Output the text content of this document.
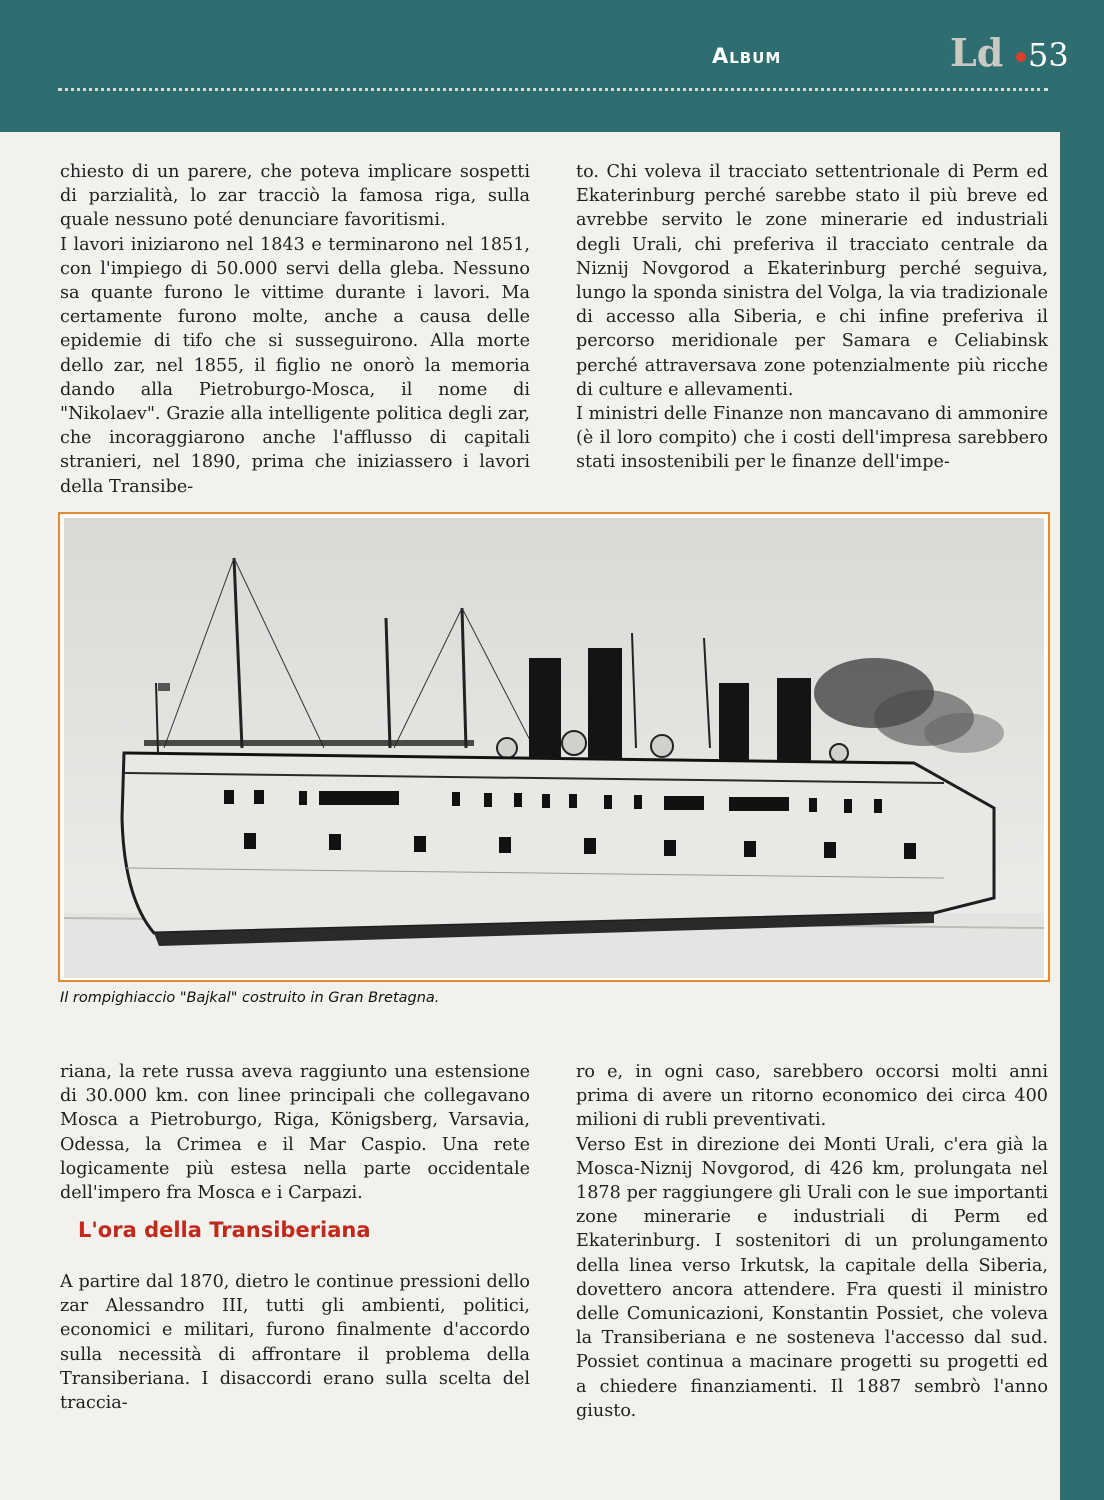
Album	Ld 53

chiesto di un parere, che poteva implicare sospetti di parzialità, lo zar tracciò la famosa riga, sulla quale nessuno poté denunciare favoritismi.

I lavori iniziarono nel 1843 e terminarono nel 1851, con l'impiego di 50.000 servi della gleba. Nessuno sa quante furono le vittime durante i lavori. Ma certamente furono molte, anche a causa delle epidemie di tifo che si susseguirono. Alla morte dello zar, nel 1855, il figlio ne onorò la memoria dando alla Pietroburgo-Mosca, il nome di "Nikolaev". Grazie alla intelligente politica degli zar, che incoraggiarono anche l'afflusso di capitali stranieri, nel 1890, prima che iniziassero i lavori della Transibe-

to. Chi voleva il tracciato settentrionale di Perm ed Ekaterinburg perché sarebbe stato il più breve ed avrebbe servito le zone minerarie ed industriali degli Urali, chi preferiva il tracciato centrale da Niznij Novgorod a Ekaterinburg perché seguiva, lungo la sponda sinistra del Volga, la via tradizionale di accesso alla Siberia, e chi infine preferiva il percorso meridionale per Samara e Celiabinsk perché attraversava zone potenzialmente più ricche di culture e allevamenti.

I ministri delle Finanze non mancavano di ammonire (è il loro compito) che i costi dell'impresa sarebbero stati insostenibili per le finanze dell'impe-

Il rompighiaccio "Bajkal" costruito in Gran Bretagna.

riana, la rete russa aveva raggiunto una estensione di 30.000 km. con linee principali che collegavano Mosca a Pietroburgo, Riga, Königsberg, Varsavia, Odessa, la Crimea e il Mar Caspio. Una rete logicamente più estesa nella parte occidentale dell'impero fra Mosca e i Carpazi.

L'ora della Transiberiana

A partire dal 1870, dietro le continue pressioni dello zar Alessandro III, tutti gli ambienti, politici, economici e militari, furono finalmente d'accordo sulla necessità di affrontare il problema della Transiberiana. I disaccordi erano sulla scelta del traccia-

ro e, in ogni caso, sarebbero occorsi molti anni prima di avere un ritorno economico dei circa 400 milioni di rubli preventivati.

Verso Est in direzione dei Monti Urali, c'era già la Mosca-Niznij Novgorod, di 426 km, prolungata nel 1878 per raggiungere gli Urali con le sue importanti zone minerarie e industriali di Perm ed Ekaterinburg. I sostenitori di un prolungamento della linea verso Irkutsk, la capitale della Siberia, dovettero ancora attendere. Fra questi il ministro delle Comunicazioni, Konstantin Possiet, che voleva la Transiberiana e ne sosteneva l'accesso dal sud. Possiet continua a macinare progetti su progetti ed a chiedere finanziamenti. Il 1887 sembrò l'anno giusto.
